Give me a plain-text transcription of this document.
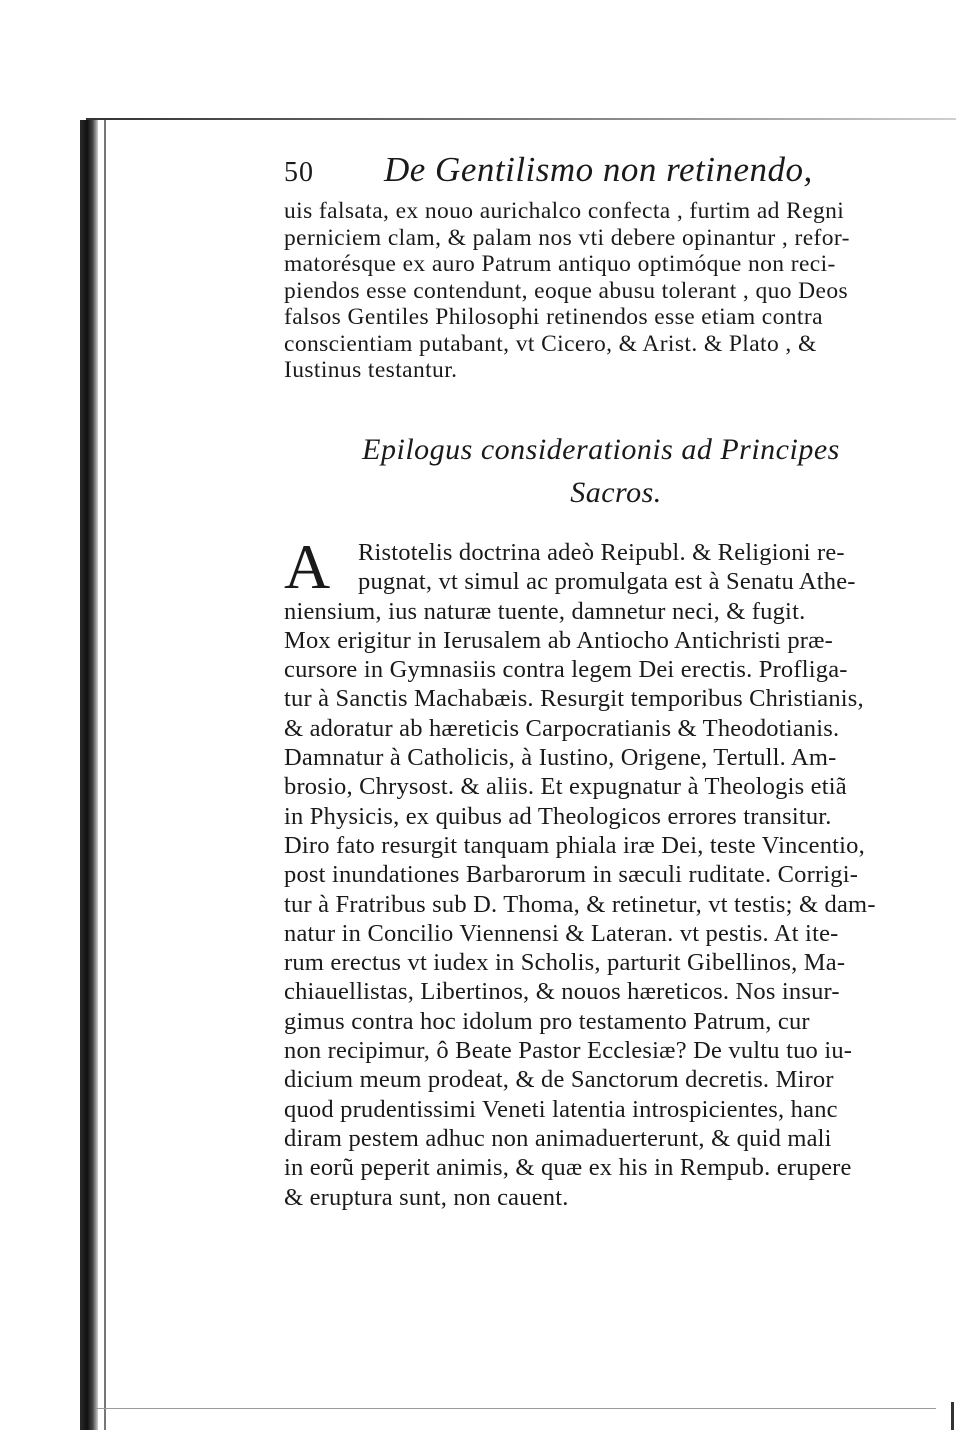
50	De Gentilismo non retinendo,
uis falsata, ex nouo aurichalco confecta , furtim ad Regni
perniciem clam, & palam nos vti debere opinantur , refor-
matorésque ex auro Patrum antiquo optimóque non reci-
piendos esse contendunt, eoque abusu tolerant , quo Deos
falsos Gentiles Philosophi retinendos esse etiam contra
conscientiam putabant, vt Cicero, & Arist. & Plato , &
Iustinus testantur.
Epilogus considerationis ad Principes
Sacros.
A	Ristotelis doctrina adeò Reipubl. & Religioni re-
pugnat, vt simul ac promulgata est à Senatu Athe-
niensium, ius naturæ tuente, damnetur neci, & fugit.
Mox erigitur in Ierusalem ab Antiocho Antichristi præ-
cursore in Gymnasiis contra legem Dei erectis. Profliga-
tur à Sanctis Machabæis. Resurgit temporibus Christianis,
& adoratur ab hæreticis Carpocratianis & Theodotianis.
Damnatur à Catholicis, à Iustino, Origene, Tertull. Am-
brosio, Chrysost. & aliis. Et expugnatur à Theologis etiã
in Physicis, ex quibus ad Theologicos errores transitur.
Diro fato resurgit tanquam phiala iræ Dei, teste Vincentio,
post inundationes Barbarorum in sæculi ruditate. Corrigi-
tur à Fratribus sub D. Thoma, & retinetur, vt testis; & dam-
natur in Concilio Viennensi & Lateran. vt pestis. At ite-
rum erectus vt iudex in Scholis, parturit Gibellinos, Ma-
chiauellistas, Libertinos, & nouos hæreticos. Nos insur-
gimus contra hoc idolum pro testamento Patrum, cur
non recipimur, ô Beate Pastor Ecclesiæ? De vultu tuo iu-
dicium meum prodeat, & de Sanctorum decretis. Miror
quod prudentissimi Veneti latentia introspicientes, hanc
diram pestem adhuc non animaduerterunt, & quid mali
in eorũ peperit animis, & quæ ex his in Rempub. erupere
& eruptura sunt, non cauent.
